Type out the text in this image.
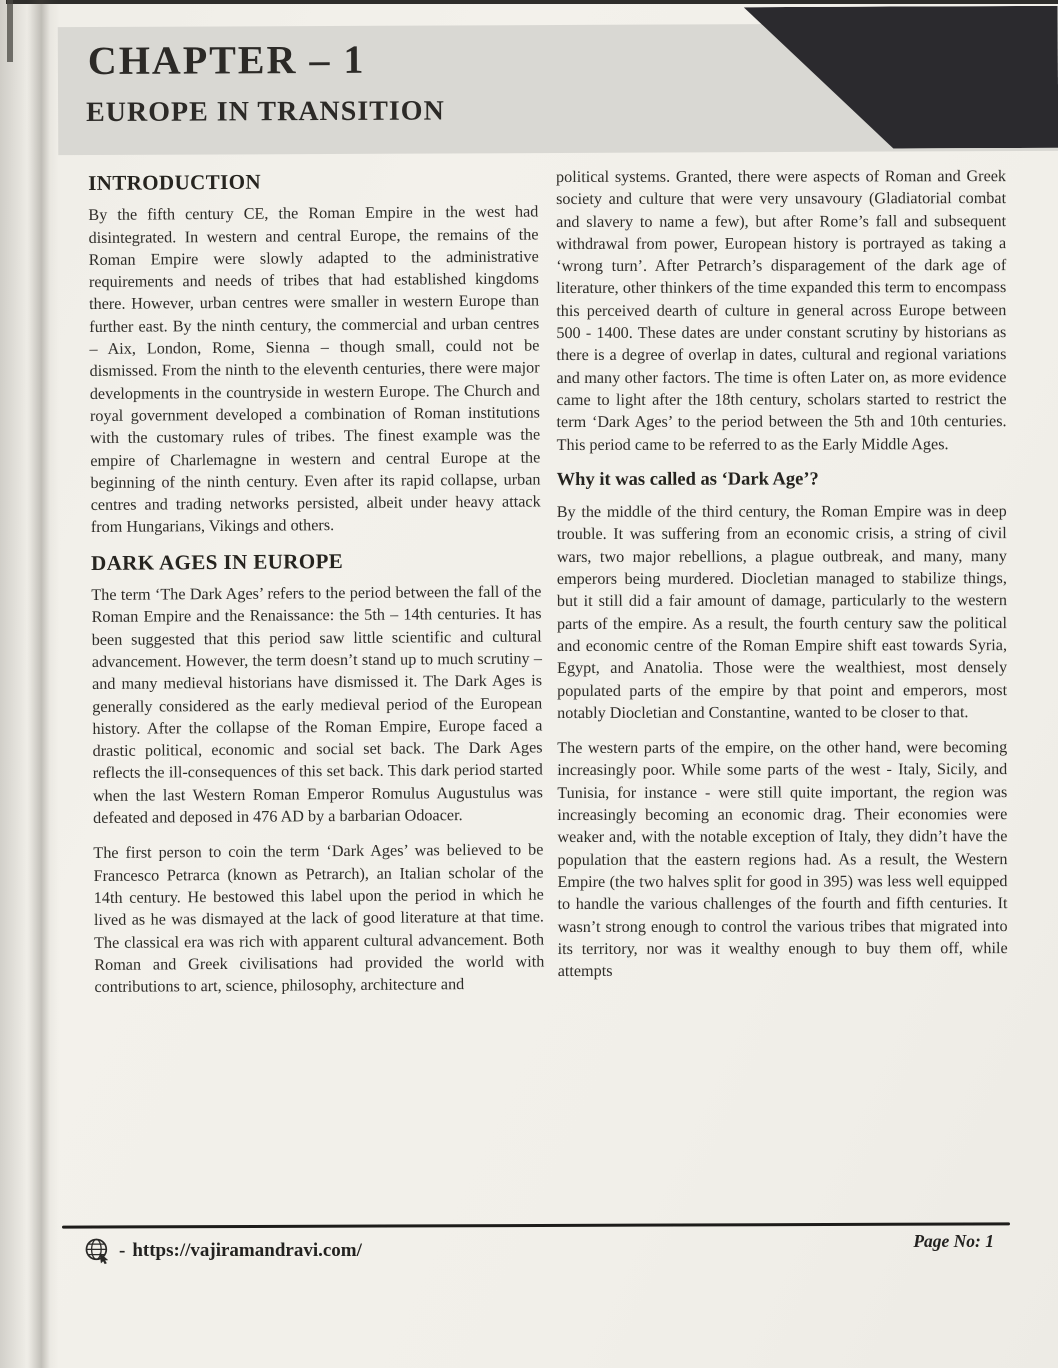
CHAPTER – 1
EUROPE IN TRANSITION
INTRODUCTION

By the fifth century CE, the Roman Empire in the west had disintegrated. In western and central Europe, the remains of the Roman Empire were slowly adapted to the administrative requirements and needs of tribes that had established kingdoms there. However, urban centres were smaller in western Europe than further east. By the ninth century, the commercial and urban centres – Aix, London, Rome, Sienna – though small, could not be dismissed. From the ninth to the eleventh centuries, there were major developments in the countryside in western Europe. The Church and royal government developed a combination of Roman institutions with the customary rules of tribes. The finest example was the empire of Charlemagne in western and central Europe at the beginning of the ninth century. Even after its rapid collapse, urban centres and trading networks persisted, albeit under heavy attack from Hungarians, Vikings and others.

DARK AGES IN EUROPE

The term ‘The Dark Ages’ refers to the period between the fall of the Roman Empire and the Renaissance: the 5th – 14th centuries. It has been suggested that this period saw little scientific and cultural advancement. However, the term doesn’t stand up to much scrutiny – and many medieval historians have dismissed it. The Dark Ages is generally considered as the early medieval period of the European history. After the collapse of the Roman Empire, Europe faced a drastic political, economic and social set back. The Dark Ages reflects the ill-consequences of this set back. This dark period started when the last Western Roman Emperor Romulus Augustulus was defeated and deposed in 476 AD by a barbarian Odoacer.

The first person to coin the term ‘Dark Ages’ was believed to be Francesco Petrarca (known as Petrarch), an Italian scholar of the 14th century. He bestowed this label upon the period in which he lived as he was dismayed at the lack of good literature at that time. The classical era was rich with apparent cultural advancement. Both Roman and Greek civilisations had provided the world with contributions to art, science, philosophy, architecture and

political systems. Granted, there were aspects of Roman and Greek society and culture that were very unsavoury (Gladiatorial combat and slavery to name a few), but after Rome’s fall and subsequent withdrawal from power, European history is portrayed as taking a ‘wrong turn’. After Petrarch’s disparagement of the dark age of literature, other thinkers of the time expanded this term to encompass this perceived dearth of culture in general across Europe between 500 - 1400. These dates are under constant scrutiny by historians as there is a degree of overlap in dates, cultural and regional variations and many other factors. The time is often Later on, as more evidence came to light after the 18th century, scholars started to restrict the term ‘Dark Ages’ to the period between the 5th and 10th centuries. This period came to be referred to as the Early Middle Ages.

Why it was called as ‘Dark Age’?

By the middle of the third century, the Roman Empire was in deep trouble. It was suffering from an economic crisis, a string of civil wars, two major rebellions, a plague outbreak, and many, many emperors being murdered. Diocletian managed to stabilize things, but it still did a fair amount of damage, particularly to the western parts of the empire. As a result, the fourth century saw the political and economic centre of the Roman Empire shift east towards Syria, Egypt, and Anatolia. Those were the wealthiest, most densely populated parts of the empire by that point and emperors, most notably Diocletian and Constantine, wanted to be closer to that.

The western parts of the empire, on the other hand, were becoming increasingly poor. While some parts of the west - Italy, Sicily, and Tunisia, for instance - were still quite important, the region was increasingly becoming an economic drag. Their economies were weaker and, with the notable exception of Italy, they didn’t have the population that the eastern regions had. As a result, the Western Empire (the two halves split for good in 395) was less well equipped to handle the various challenges of the fourth and fifth centuries. It wasn’t strong enough to control the various tribes that migrated into its territory, nor was it wealthy enough to buy them off, while attempts

- https://vajiramandravi.com/	Page No: 1
